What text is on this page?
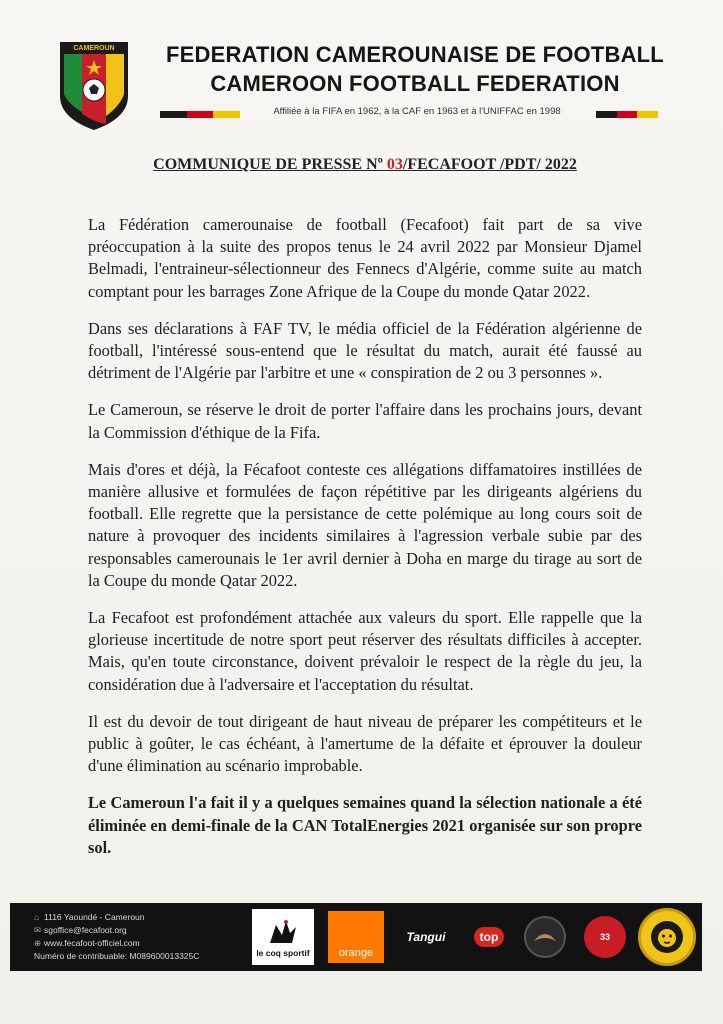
CAMEROUN	FEDERATION CAMEROUNAISE DE FOOTBALL
CAMEROON FOOTBALL FEDERATION
Affiliée à la FIFA en 1962, à la CAF en 1963 et à l'UNIFFAC en 1998
COMMUNIQUE DE PRESSE Nº 03/FECAFOOT /PDT/ 2022

La Fédération camerounaise de football (Fecafoot) fait part de sa vive préoccupation à la suite des propos tenus le 24 avril 2022 par Monsieur Djamel Belmadi, l'entraineur-sélectionneur des Fennecs d'Algérie, comme suite au match comptant pour les barrages Zone Afrique de la Coupe du monde Qatar 2022.

Dans ses déclarations à FAF TV, le média officiel de la Fédération algérienne de football, l'intéressé sous-entend que le résultat du match, aurait été faussé au détriment de l'Algérie par l'arbitre et une « conspiration de 2 ou 3 personnes ».

Le Cameroun, se réserve le droit de porter l'affaire dans les prochains jours, devant la Commission d'éthique de la Fifa.

Mais d'ores et déjà, la Fécafoot conteste ces allégations diffamatoires instillées de manière allusive et formulées de façon répétitive par les dirigeants algériens du football. Elle regrette que la persistance de cette polémique au long cours soit de nature à provoquer des incidents similaires à l'agression verbale subie par des responsables camerounais le 1er avril dernier à Doha en marge du tirage au sort de la Coupe du monde Qatar 2022.

La Fecafoot est profondément attachée aux valeurs du sport. Elle rappelle que la glorieuse incertitude de notre sport peut réserver des résultats difficiles à accepter. Mais, qu'en toute circonstance, doivent prévaloir le respect de la règle du jeu, la considération due à l'adversaire et l'acceptation du résultat.

Il est du devoir de tout dirigeant de haut niveau de préparer les compétiteurs et le public à goûter, le cas échéant, à l'amertume de la défaite et éprouver la douleur d'une élimination au scénario improbable.

Le Cameroun l'a fait il y a quelques semaines quand la sélection nationale a été éliminée en demi-finale de la CAN TotalEnergies 2021 organisée sur son propre sol.

⌂ 1116 Yaoundé - Cameroun
✉ sgoffice@fecafoot.org
⊕ www.fecafoot-officiel.com
Numéro de contribuable: M089600013325C	le coq sportif	orange
Tangui	top	33
